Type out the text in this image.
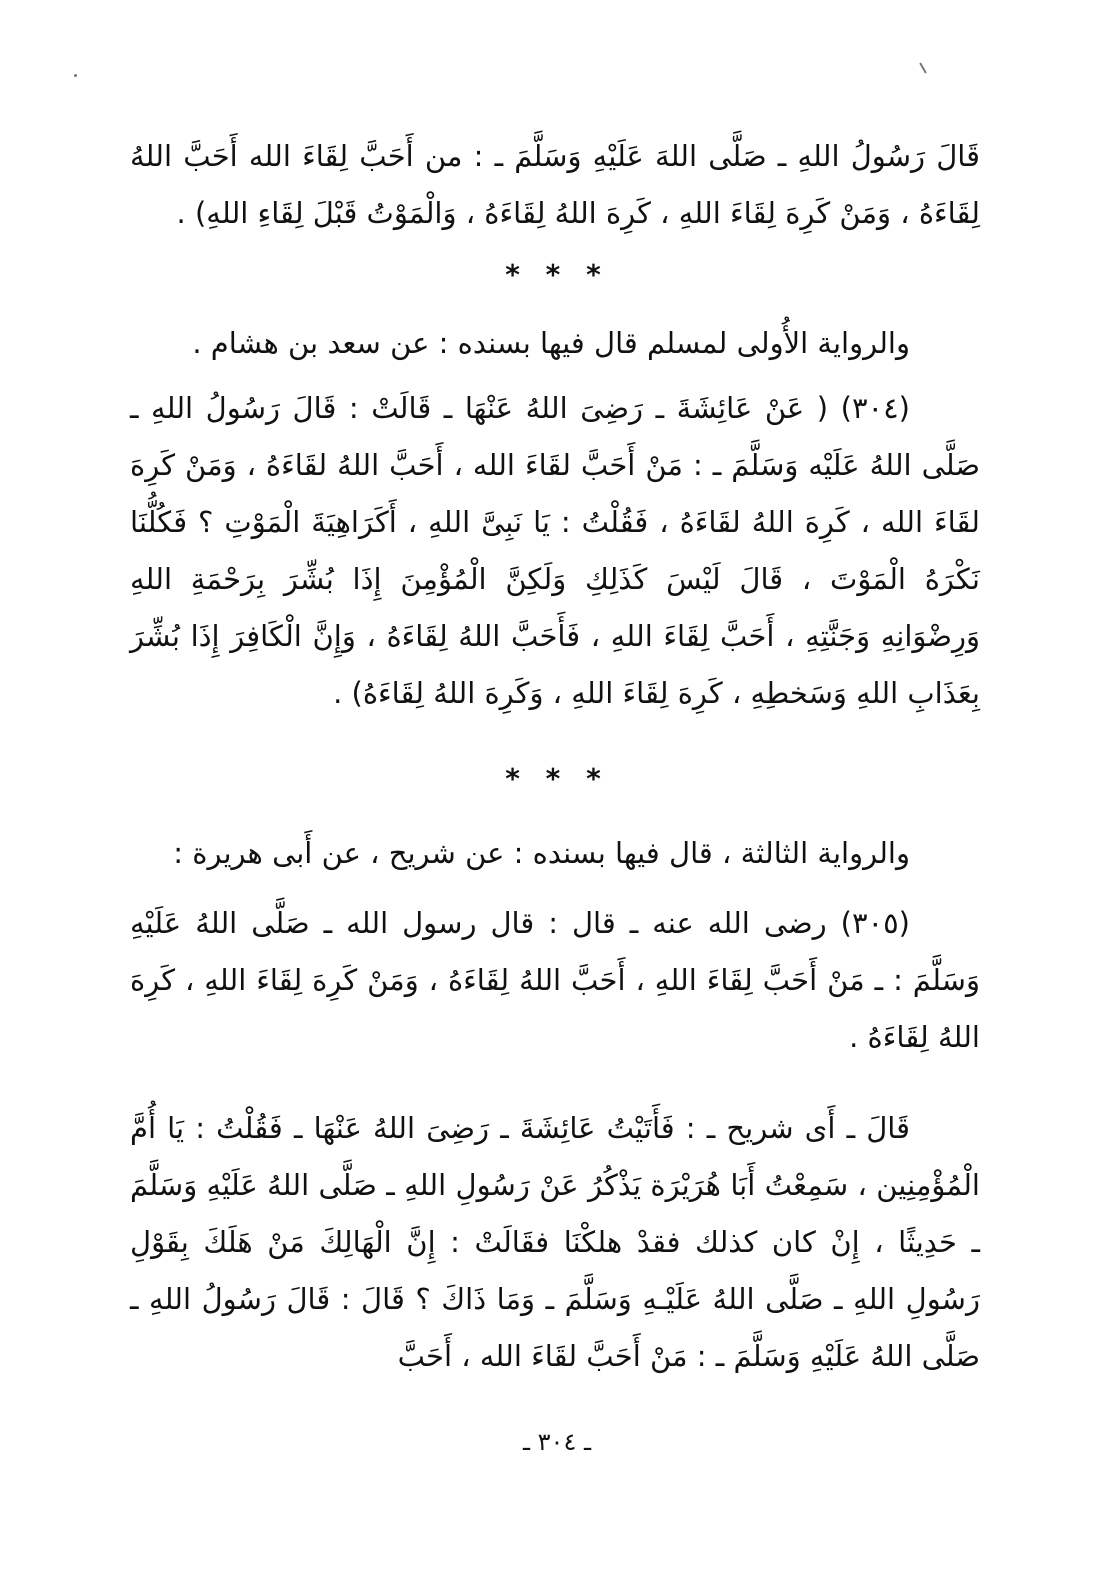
قَالَ رَسُولُ اللهِ ـ صَلَّى اللهَ عَلَيْهِ وَسَلَّمَ ـ : من أَحَبَّ لِقَاءَ الله أَحَبَّ اللهُ لِقَاءَهُ ، وَمَنْ كَرِهَ لِقَاءَ اللهِ ، كَرِهَ اللهُ لِقَاءَهُ ، وَالْمَوْتُ قَبْلَ لِقَاءِ اللهِ) .

* * *

والرواية الأُولى لمسلم قال فيها بسنده : عن سعد بن هشام .

(٣٠٤) ( عَنْ عَائِشَةَ ـ رَضِىَ اللهُ عَنْهَا ـ قَالَتْ : قَالَ رَسُولُ اللهِ ـ صَلَّى اللهُ عَلَيْه وَسَلَّمَ ـ : مَنْ أَحَبَّ لقَاءَ الله ، أَحَبَّ اللهُ لقَاءَهُ ، وَمَنْ كَرِهَ لقَاءَ الله ، كَرِهَ اللهُ لقَاءَهُ ، فَقُلْتُ : يَا نَبِىَّ اللهِ ، أَكَرَاهِيَةَ الْمَوْتِ ؟ فَكُلُّنَا نَكْرَهُ الْمَوْتَ ، قَالَ لَيْسَ كَذَلِكِ وَلَكِنَّ الْمُؤْمِنَ إِذَا بُشِّرَ بِرَحْمَةِ اللهِ وَرِضْوَانِهِ وَجَنَّتِهِ ، أَحَبَّ لِقَاءَ اللهِ ، فَأَحَبَّ اللهُ لِقَاءَهُ ، وَإِنَّ الْكَافِرَ إِذَا بُشِّرَ بِعَذَابِ اللهِ وَسَخطِهِ ، كَرِهَ لِقَاءَ اللهِ ، وَكَرِهَ اللهُ لِقَاءَهُ) .

* * *

والرواية الثالثة ، قال فيها بسنده : عن شريح ، عن أَبى هريرة :

(٣٠٥) رضى الله عنه ـ قال : قال رسول الله ـ صَلَّى اللهُ عَلَيْهِ وَسَلَّمَ : ـ مَنْ أَحَبَّ لِقَاءَ اللهِ ، أَحَبَّ اللهُ لِقَاءَهُ ، وَمَنْ كَرِهَ لِقَاءَ اللهِ ، كَرِهَ اللهُ لِقَاءَهُ .

قَالَ ـ أَى شريح ـ : فَأَتَيْتُ عَائِشَةَ ـ رَضِىَ اللهُ عَنْهَا ـ فَقُلْتُ : يَا أُمَّ الْمُؤْمِنِين ، سَمِعْتُ أَبَا هُرَيْرَة يَذْكُرُ عَنْ رَسُولِ اللهِ ـ صَلَّى اللهُ عَلَيْهِ وَسَلَّمَ ـ حَدِيثًا ، إِنْ كان كذلك فقدْ هلكْنَا فقَالَتْ : إِنَّ الْهَالِكَ مَنْ هَلَكَ بِقَوْلِ رَسُولِ اللهِ ـ صَلَّى اللهُ عَلَيْـهِ وَسَلَّمَ ـ وَمَا ذَاكَ ؟ قَالَ : قَالَ رَسُولُ اللهِ ـ صَلَّى اللهُ عَلَيْهِ وَسَلَّمَ ـ : مَنْ أَحَبَّ لقَاءَ الله ، أَحَبَّ

ـ ٣٠٤ ـ
